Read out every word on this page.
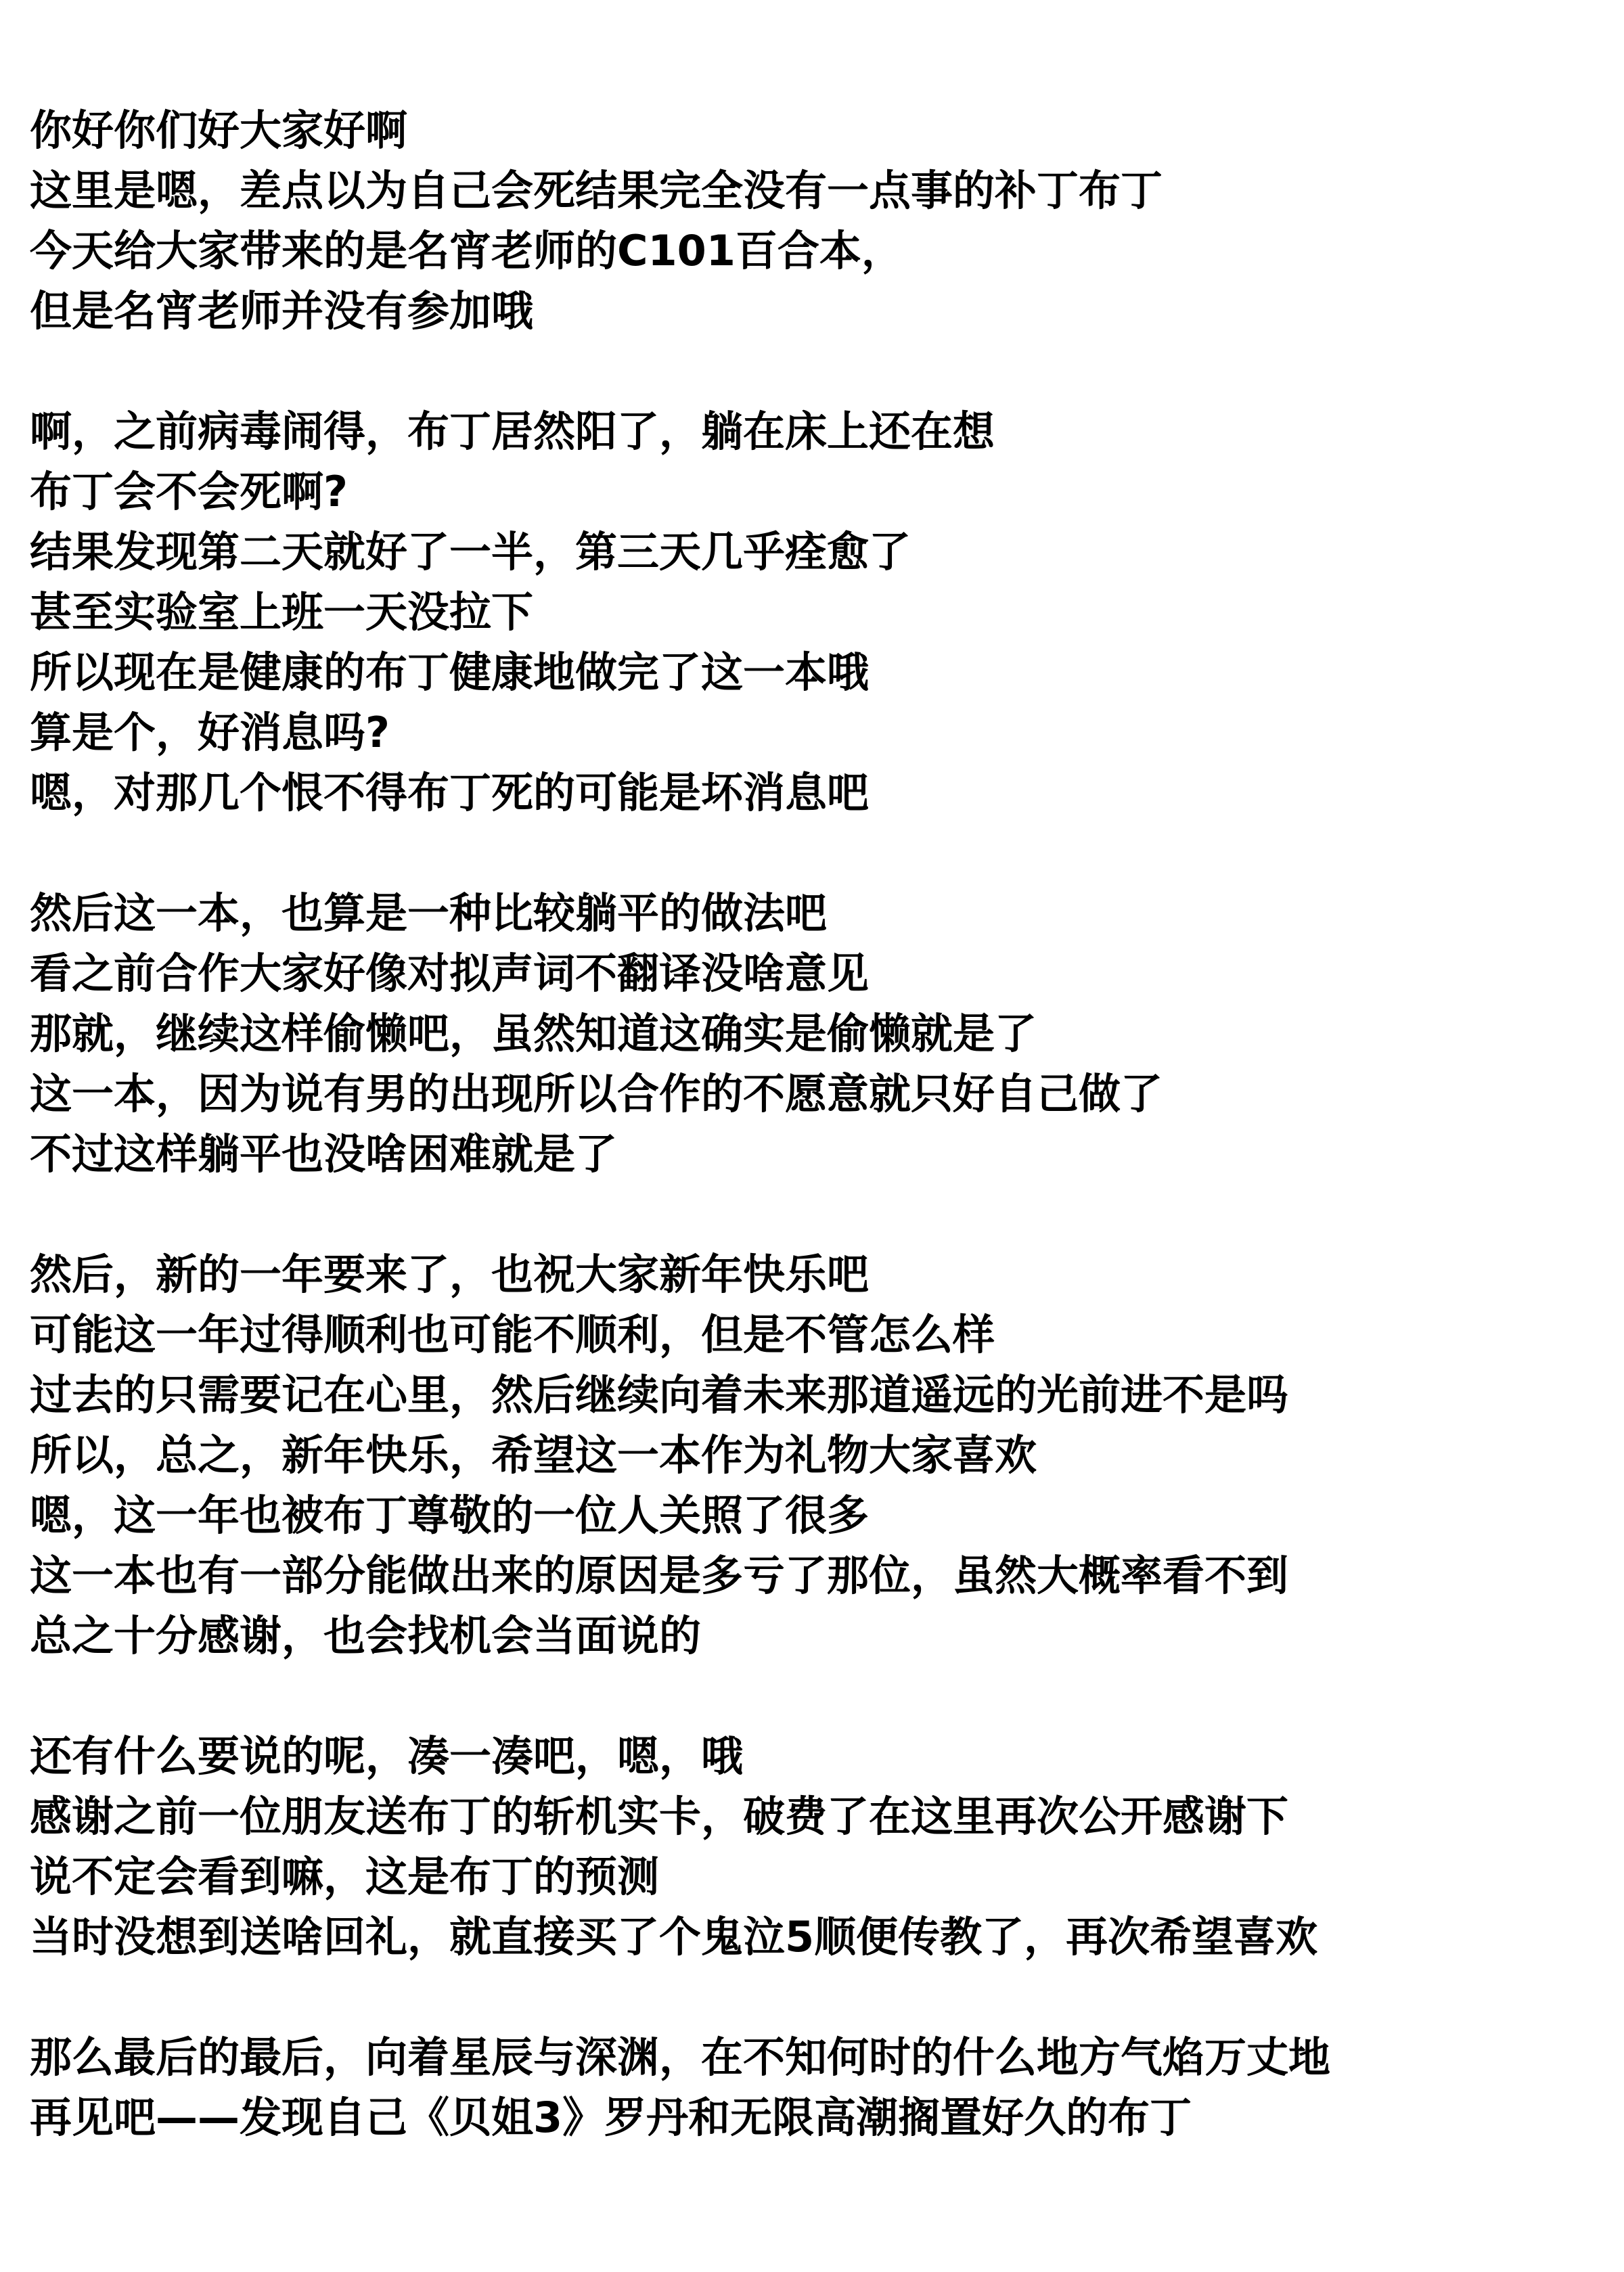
你好你们好大家好啊
这里是嗯，差点以为自己会死结果完全没有一点事的补丁布丁
今天给大家带来的是名宵老师的C101百合本，
但是名宵老师并没有参加哦
啊，之前病毒闹得，布丁居然阳了，躺在床上还在想
布丁会不会死啊?
结果发现第二天就好了一半，第三天几乎痊愈了
甚至实验室上班一天没拉下
所以现在是健康的布丁健康地做完了这一本哦
算是个，好消息吗?
嗯，对那几个恨不得布丁死的可能是坏消息吧
然后这一本，也算是一种比较躺平的做法吧
看之前合作大家好像对拟声词不翻译没啥意见
那就，继续这样偷懒吧，虽然知道这确实是偷懒就是了
这一本，因为说有男的出现所以合作的不愿意就只好自己做了
不过这样躺平也没啥困难就是了
然后，新的一年要来了，也祝大家新年快乐吧
可能这一年过得顺利也可能不顺利，但是不管怎么样
过去的只需要记在心里，然后继续向着未来那道遥远的光前进不是吗
所以，总之，新年快乐，希望这一本作为礼物大家喜欢
嗯，这一年也被布丁尊敬的一位人关照了很多
这一本也有一部分能做出来的原因是多亏了那位，虽然大概率看不到
总之十分感谢，也会找机会当面说的
还有什么要说的呢，凑一凑吧，嗯，哦
感谢之前一位朋友送布丁的斩机实卡，破费了在这里再次公开感谢下
说不定会看到嘛，这是布丁的预测
当时没想到送啥回礼，就直接买了个鬼泣5顺便传教了，再次希望喜欢
那么最后的最后，向着星辰与深渊，在不知何时的什么地方气焰万丈地
再见吧——发现自己《贝姐3》罗丹和无限高潮搁置好久的布丁
